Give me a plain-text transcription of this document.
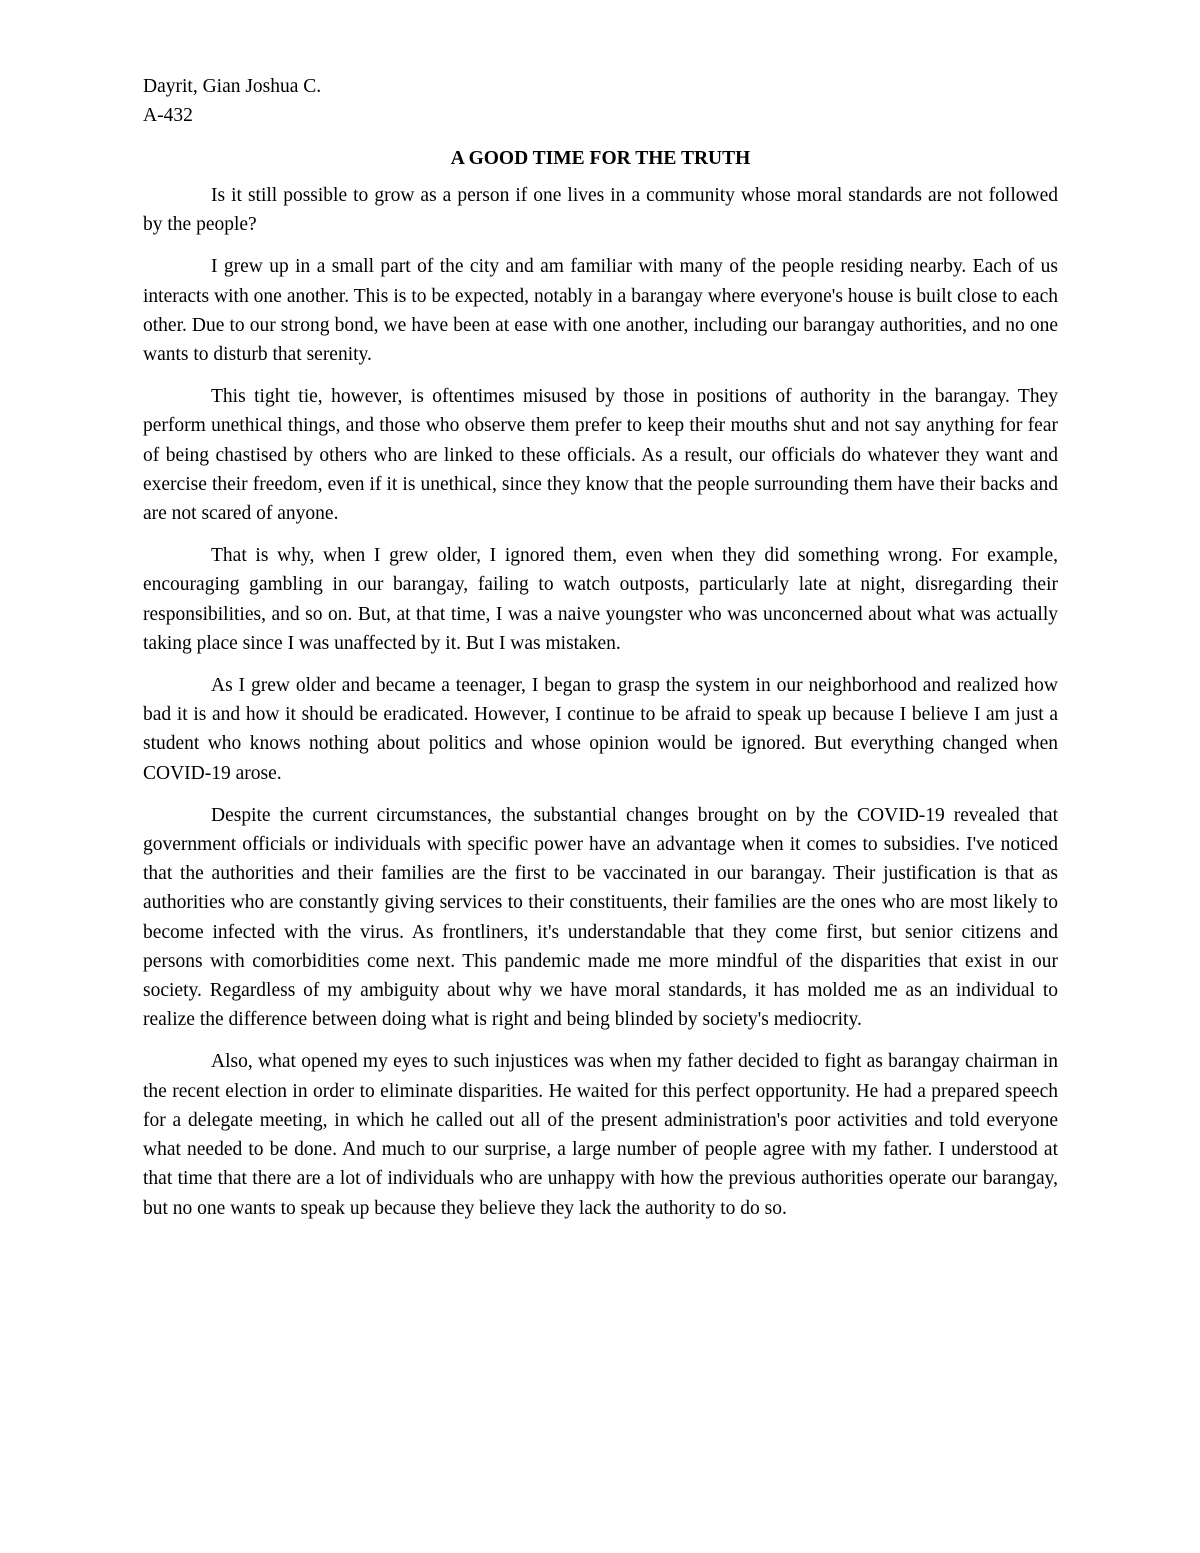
Dayrit, Gian Joshua C.

A-432

A GOOD TIME FOR THE TRUTH

Is it still possible to grow as a person if one lives in a community whose moral standards are not followed by the people?

I grew up in a small part of the city and am familiar with many of the people residing nearby. Each of us interacts with one another. This is to be expected, notably in a barangay where everyone's house is built close to each other. Due to our strong bond, we have been at ease with one another, including our barangay authorities, and no one wants to disturb that serenity.

This tight tie, however, is oftentimes misused by those in positions of authority in the barangay. They perform unethical things, and those who observe them prefer to keep their mouths shut and not say anything for fear of being chastised by others who are linked to these officials. As a result, our officials do whatever they want and exercise their freedom, even if it is unethical, since they know that the people surrounding them have their backs and are not scared of anyone.

That is why, when I grew older, I ignored them, even when they did something wrong. For example, encouraging gambling in our barangay, failing to watch outposts, particularly late at night, disregarding their responsibilities, and so on. But, at that time, I was a naive youngster who was unconcerned about what was actually taking place since I was unaffected by it. But I was mistaken.

As I grew older and became a teenager, I began to grasp the system in our neighborhood and realized how bad it is and how it should be eradicated. However, I continue to be afraid to speak up because I believe I am just a student who knows nothing about politics and whose opinion would be ignored. But everything changed when COVID-19 arose.

Despite the current circumstances, the substantial changes brought on by the COVID-19 revealed that government officials or individuals with specific power have an advantage when it comes to subsidies. I've noticed that the authorities and their families are the first to be vaccinated in our barangay. Their justification is that as authorities who are constantly giving services to their constituents, their families are the ones who are most likely to become infected with the virus. As frontliners, it's understandable that they come first, but senior citizens and persons with comorbidities come next. This pandemic made me more mindful of the disparities that exist in our society. Regardless of my ambiguity about why we have moral standards, it has molded me as an individual to realize the difference between doing what is right and being blinded by society's mediocrity.

Also, what opened my eyes to such injustices was when my father decided to fight as barangay chairman in the recent election in order to eliminate disparities. He waited for this perfect opportunity. He had a prepared speech for a delegate meeting, in which he called out all of the present administration's poor activities and told everyone what needed to be done. And much to our surprise, a large number of people agree with my father. I understood at that time that there are a lot of individuals who are unhappy with how the previous authorities operate our barangay, but no one wants to speak up because they believe they lack the authority to do so.
